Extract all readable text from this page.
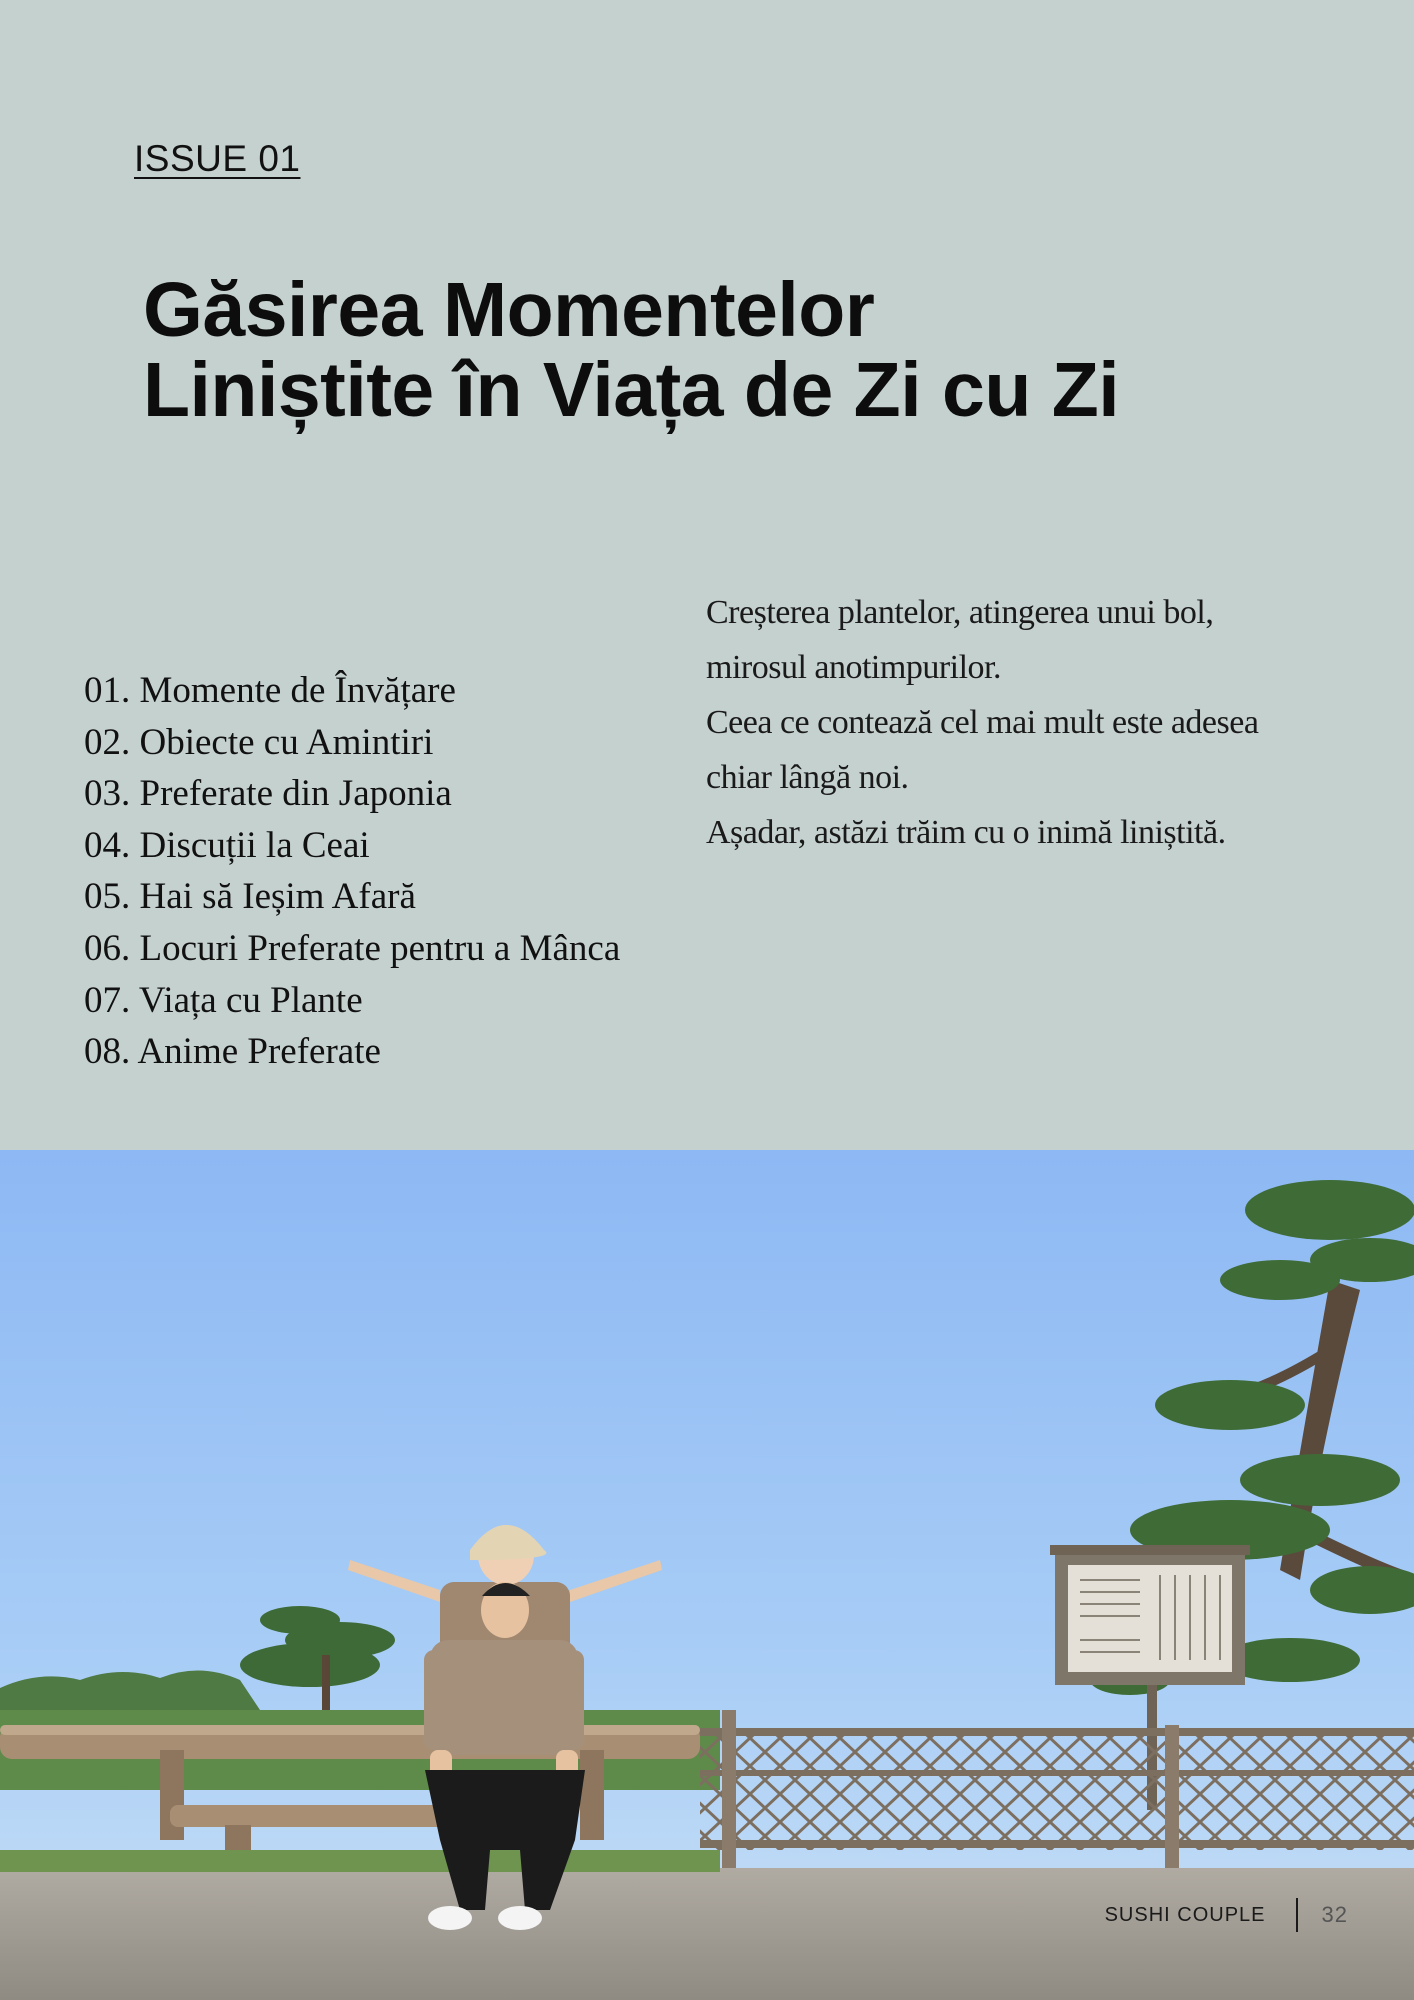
ISSUE 01
Găsirea Momentelor
Liniștite în Viața de Zi cu Zi
01. Momente de Învățare
02. Obiecte cu Amintiri
03. Preferate din Japonia
04. Discuții la Ceai
05. Hai să Ieșim Afară
06. Locuri Preferate pentru a Mânca
07. Viața cu Plante
08. Anime Preferate

Creșterea plantelor, atingerea unui bol,

mirosul anotimpurilor.

Ceea ce contează cel mai mult este adesea

chiar lângă noi.

Așadar, astăzi trăim cu o inimă liniștită.

SUSHI COUPLE	32
